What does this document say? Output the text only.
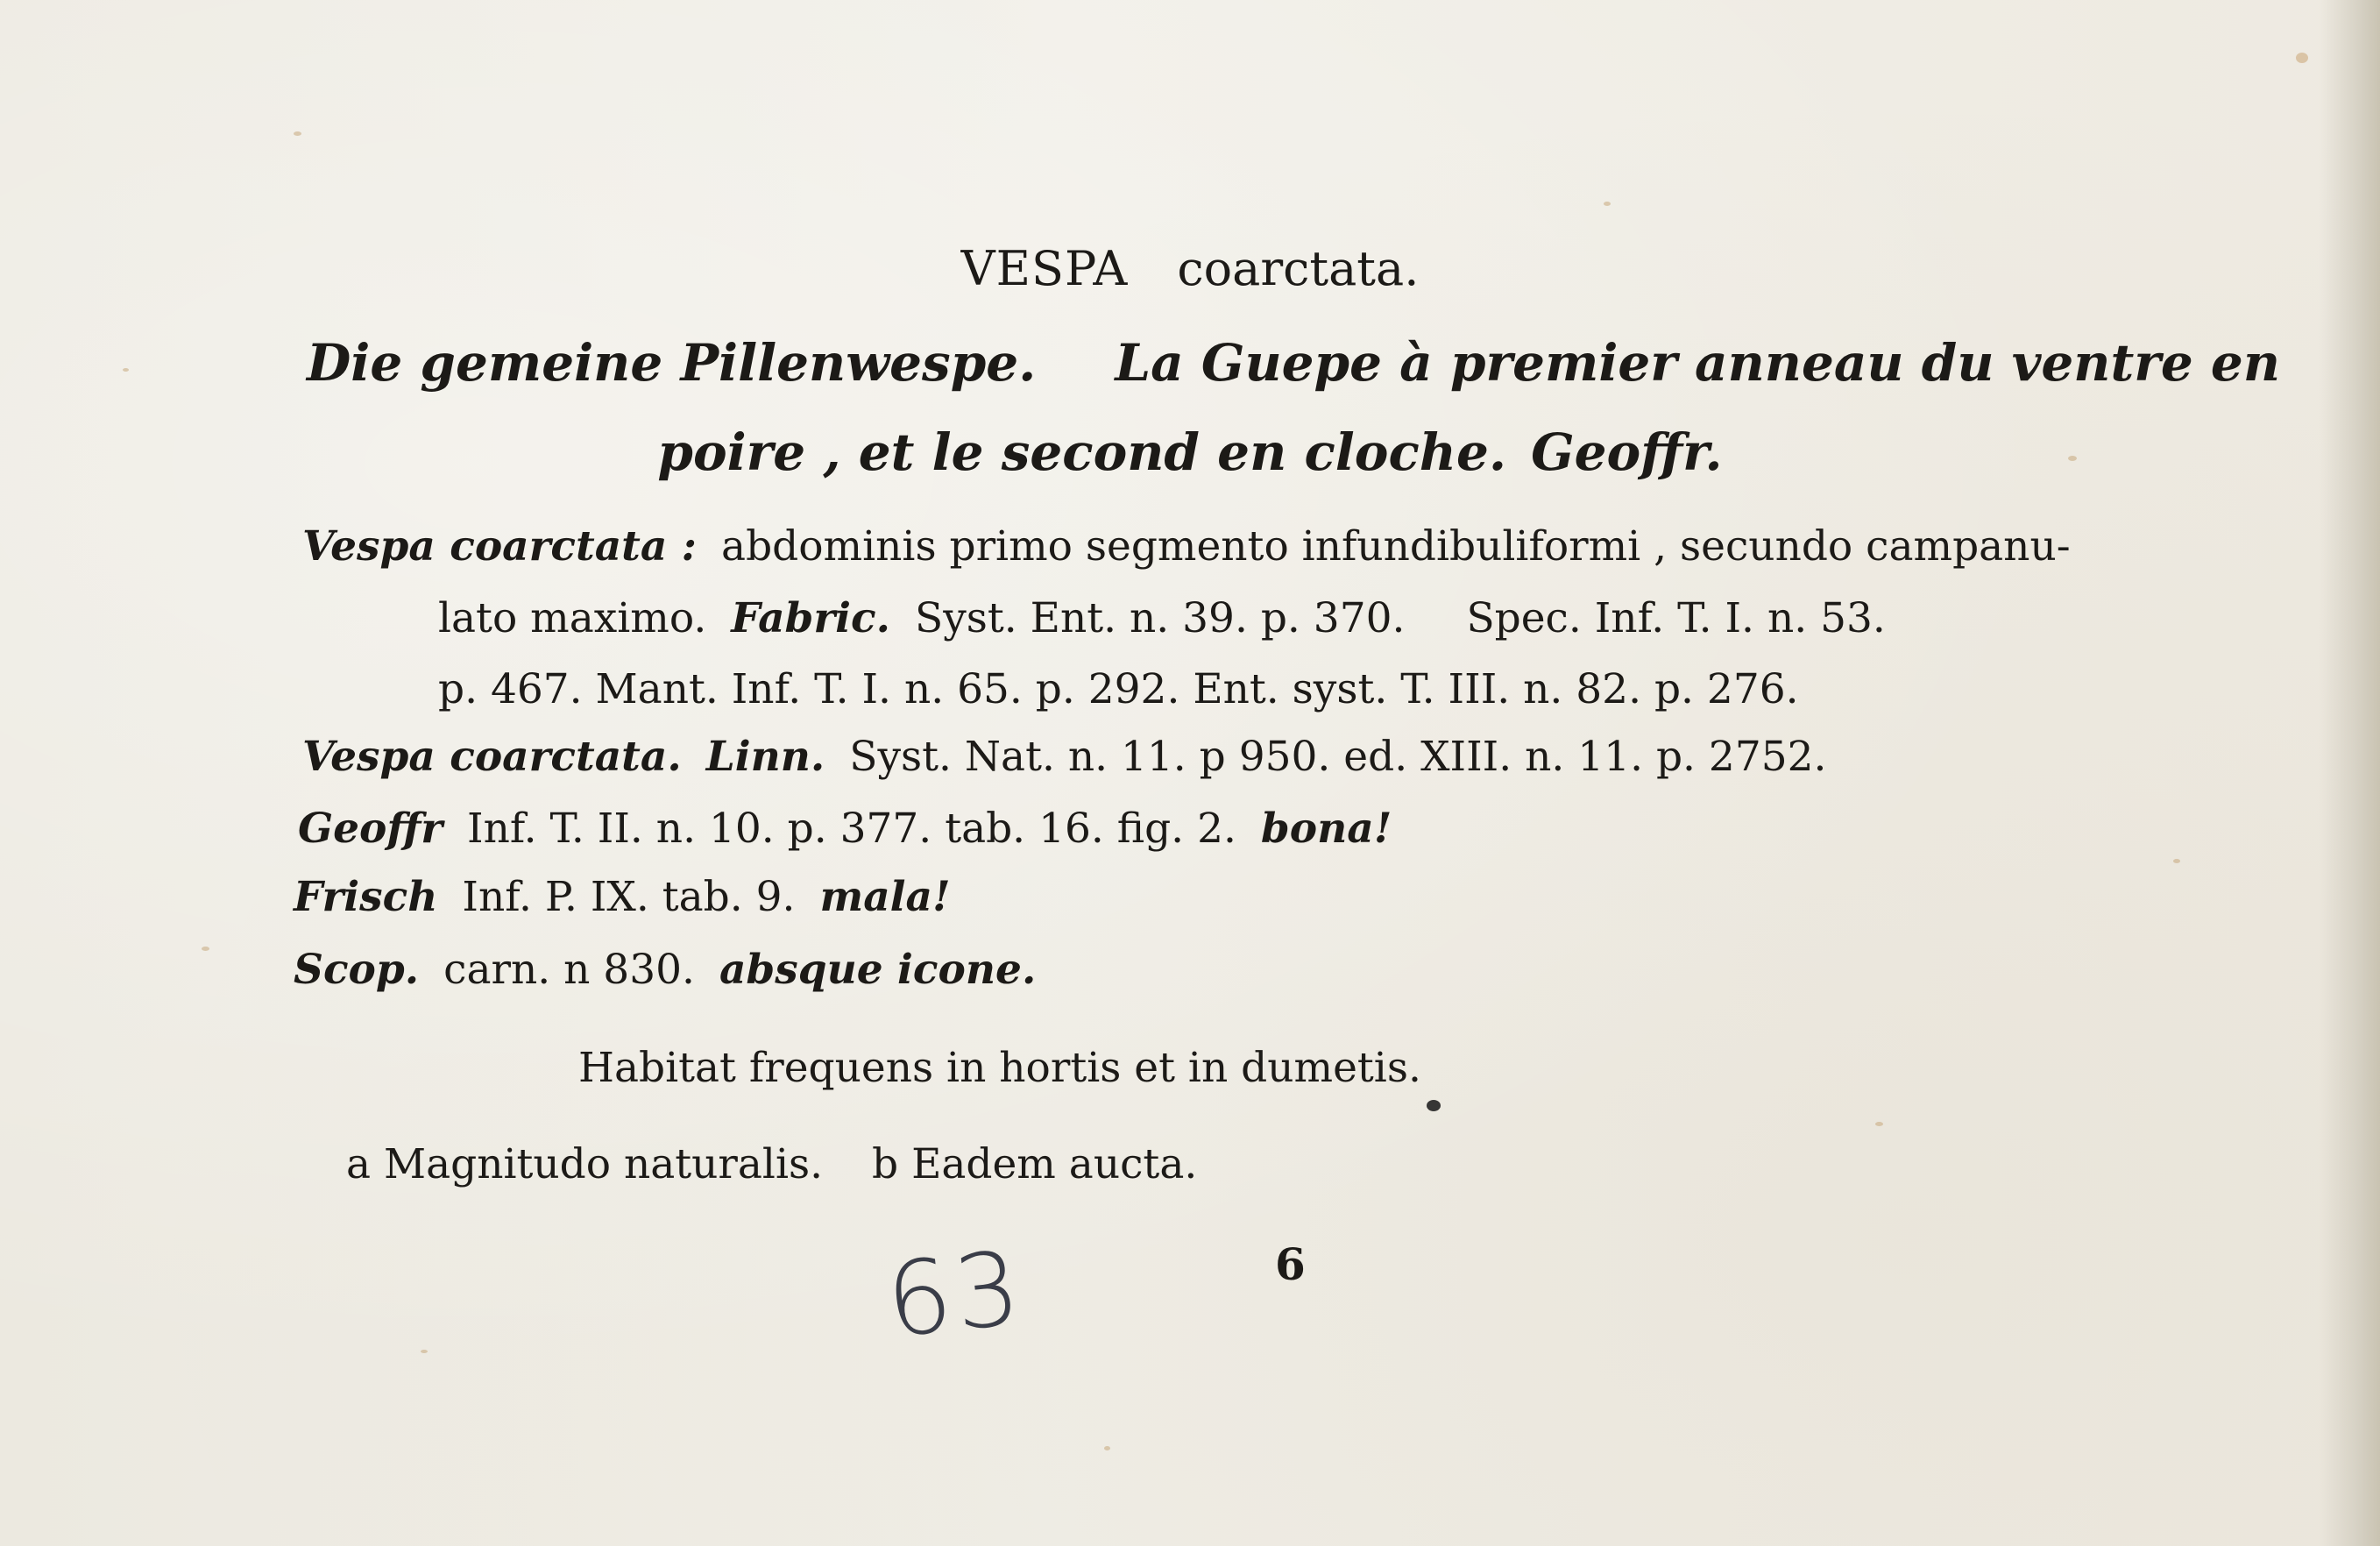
VESPA coarctata.
Die gemeine Pillenwespe. La Guepe à premier anneau du ventre en
poire , et le second en cloche. Geoffr.
Vespa coarctata : abdominis primo segmento infundibuliformi , secundo campanu-
lato maximo. Fabric. Syst. Ent. n. 39. p. 370. Spec. Inf. T. I. n. 53.
p. 467. Mant. Inf. T. I. n. 65. p. 292. Ent. syst. T. III. n. 82. p. 276.
Vespa coarctata. Linn. Syst. Nat. n. 11. p 950. ed. XIII. n. 11. p. 2752.
Geoffr Inf. T. II. n. 10. p. 377. tab. 16. fig. 2. bona!
Frisch Inf. P. IX. tab. 9. mala!
Scop. carn. n 830. absque icone.
Habitat frequens in hortis et in dumetis.
a Magnitudo naturalis. b Eadem aucta.
63	6
